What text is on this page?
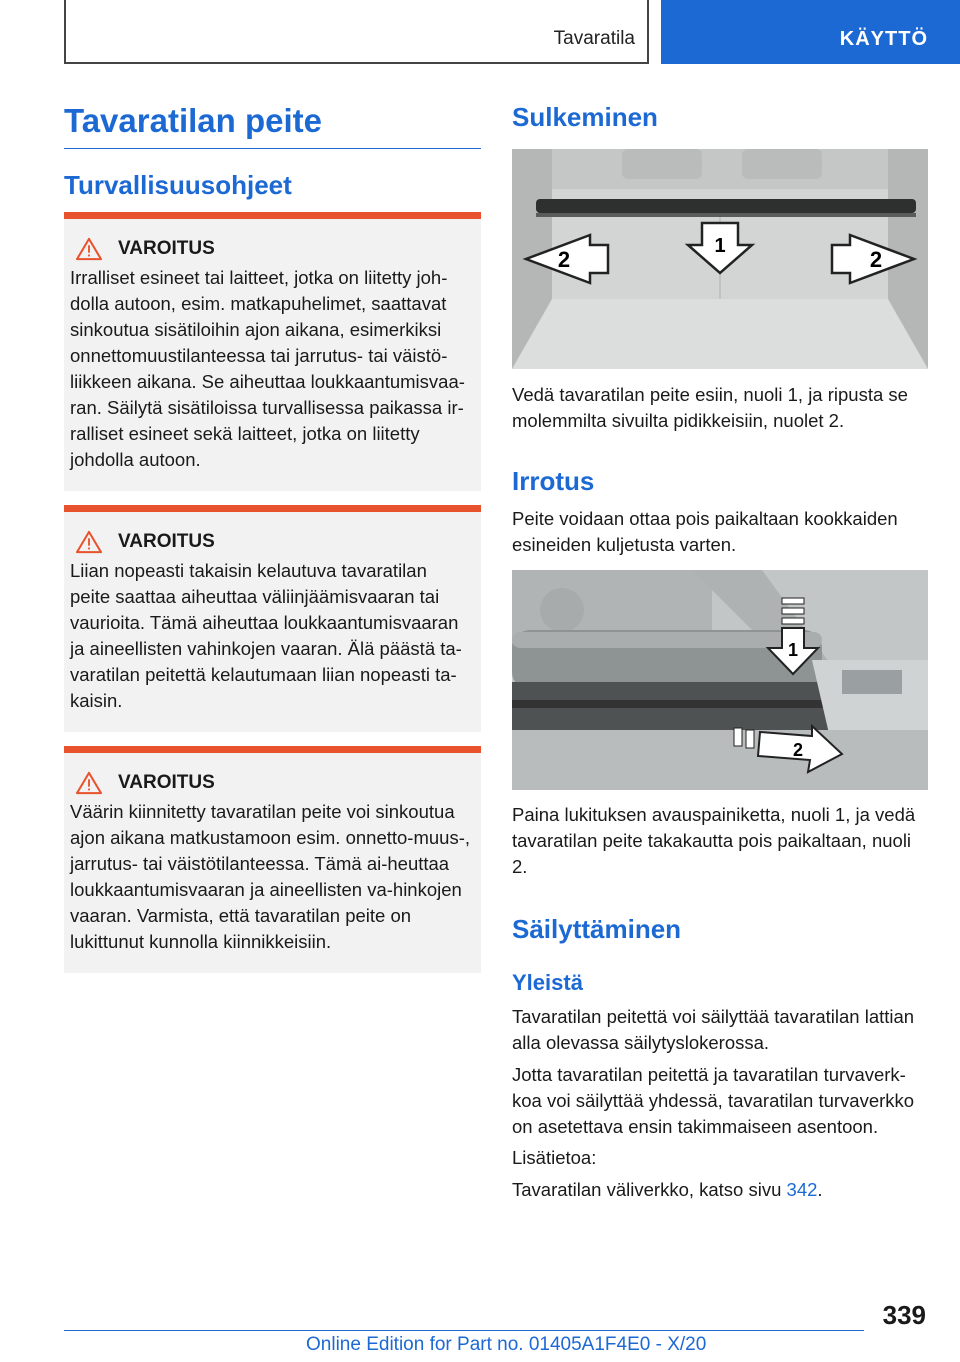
Tavaratila	KÄYTTÖ
Tavaratilan peite
Turvallisuusohjeet
VAROITUS
Irralliset esineet tai laitteet, jotka on liitetty joh-dolla autoon, esim. matkapuhelimet, saattavat sinkoutua sisätiloihin ajon aikana, esimerkiksi onnettomuustilanteessa tai jarrutus- tai väistö-liikkeen aikana. Se aiheuttaa loukkaantumisvaa-ran. Säilytä sisätiloissa turvallisessa paikassa ir-ralliset esineet sekä laitteet, jotka on liitetty johdolla autoon.
VAROITUS
Liian nopeasti takaisin kelautuva tavaratilan peite saattaa aiheuttaa väliinjäämisvaaran tai vaurioita. Tämä aiheuttaa loukkaantumisvaaran ja aineellisten vahinkojen vaaran. Älä päästä ta-varatilan peitettä kelautumaan liian nopeasti ta-kaisin.
VAROITUS
Väärin kiinnitetty tavaratilan peite voi sinkoutua ajon aikana matkustamoon esim. onnetto-muus-, jarrutus- tai väistötilanteessa. Tämä ai-heuttaa loukkaantumisvaaran ja aineellisten va-hinkojen vaaran. Varmista, että tavaratilan peite on lukittunut kunnolla kiinnikkeisiin.
Sulkeminen
1
2	2
Vedä tavaratilan peite esiin, nuoli 1, ja ripusta se molemmilta sivuilta pidikkeisiin, nuolet 2.
Irrotus
Peite voidaan ottaa pois paikaltaan kookkaiden esineiden kuljetusta varten.
1
2
Paina lukituksen avauspainiketta, nuoli 1, ja vedä tavaratilan peite takakautta pois paikaltaan, nuoli 2.
Säilyttäminen
Yleistä
Tavaratilan peitettä voi säilyttää tavaratilan lattian alla olevassa säilytyslokerossa.
Jotta tavaratilan peitettä ja tavaratilan turvaverk-koa voi säilyttää yhdessä, tavaratilan turvaverkko on asetettava ensin takimmaiseen asentoon.
Lisätietoa:
Tavaratilan väliverkko, katso sivu 342.
339
Online Edition for Part no. 01405A1F4E0 - X/20
